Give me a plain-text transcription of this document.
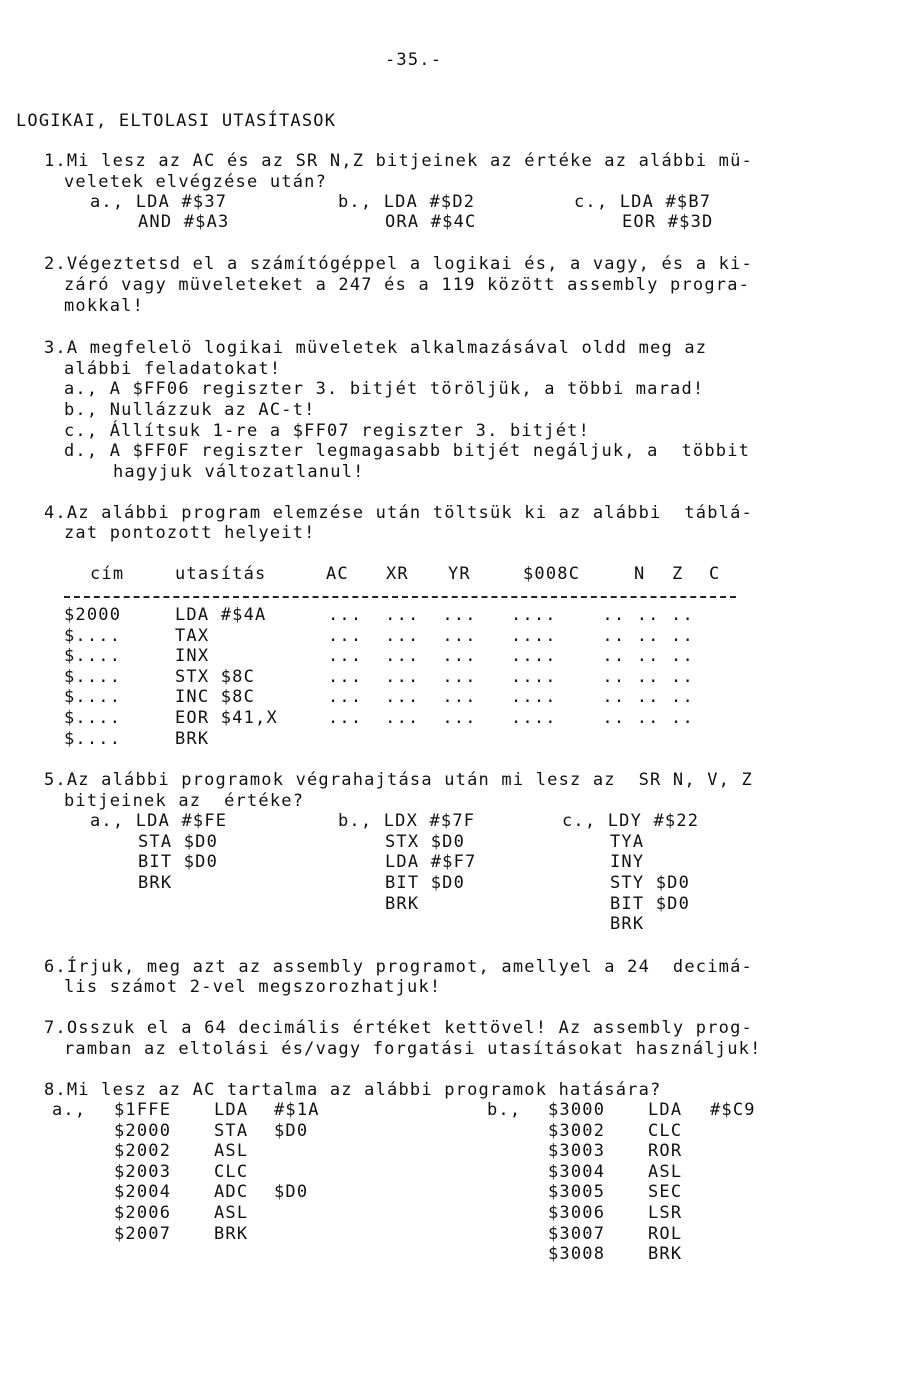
-35.-
LOGIKAI, ELTOLASI UTASÍTASOK
1.Mi lesz az AC és az SR N,Z bitjeinek az értéke az alábbi mü-
veletek elvégzése után?
a., LDA #$37
AND #$A3
b., LDA #$D2
ORA #$4C
c., LDA #$B7
EOR #$3D
2.Végeztetsd el a számítógéppel a logikai és, a vagy, és a ki-
záró vagy müveleteket a 247 és a 119 között assembly progra-
mokkal!
3.A megfelelö logikai müveletek alkalmazásával oldd meg az
alábbi feladatokat!
a., A $FF06 regiszter 3. bitjét töröljük, a többi marad!
b., Nullázzuk az AC-t!
c., Állítsuk 1-re a $FF07 regiszter 3. bitjét!
d., A $FF0F regiszter legmagasabb bitjét negáljuk, a  többit
hagyjuk változatlanul!
4.Az alábbi program elemzése után töltsük ki az alábbi  táblá-
zat pontozott helyeit!
cím	utasítás	AC XR YR	$008C	N Z C
$2000	LDA #$4A	...  ...  ...   ....    .. .. ..
$....	TAX	...  ...  ...   ....    .. .. ..
$....	INX	...  ...  ...   ....    .. .. ..
$....	STX $8C	...  ...  ...   ....    .. .. ..
$....	INC $8C	...  ...  ...   ....    .. .. ..
$....	EOR $41,X	...  ...  ...   ....    .. .. ..
$....	BRK
5.Az alábbi programok végrahajtása után mi lesz az  SR N, V, Z
bitjeinek az  értéke?
a., LDA #$FE
STA $D0
BIT $D0
BRK
b., LDX #$7F
STX $D0
LDA #$F7
BIT $D0
BRK
c., LDY #$22
TYA
INY
STY $D0
BIT $D0
BRK
6.Írjuk, meg azt az assembly programot, amellyel a 24  decimá-
lis számot 2-vel megszorozhatjuk!
7.Osszuk el a 64 decimális értéket kettövel! Az assembly prog-
ramban az eltolási és/vagy forgatási utasításokat használjuk!
8.Mi lesz az AC tartalma az alábbi programok hatására?
a.,	b.,
$1FFE	LDA #$1A
$2000	STA $D0
$2002	ASL
$2003	CLC
$2004	ADC $D0
$2006	ASL
$2007	BRK
$3000	LDA #$C9
$3002	CLC
$3003	ROR
$3004	ASL
$3005	SEC
$3006	LSR
$3007	ROL
$3008	BRK
